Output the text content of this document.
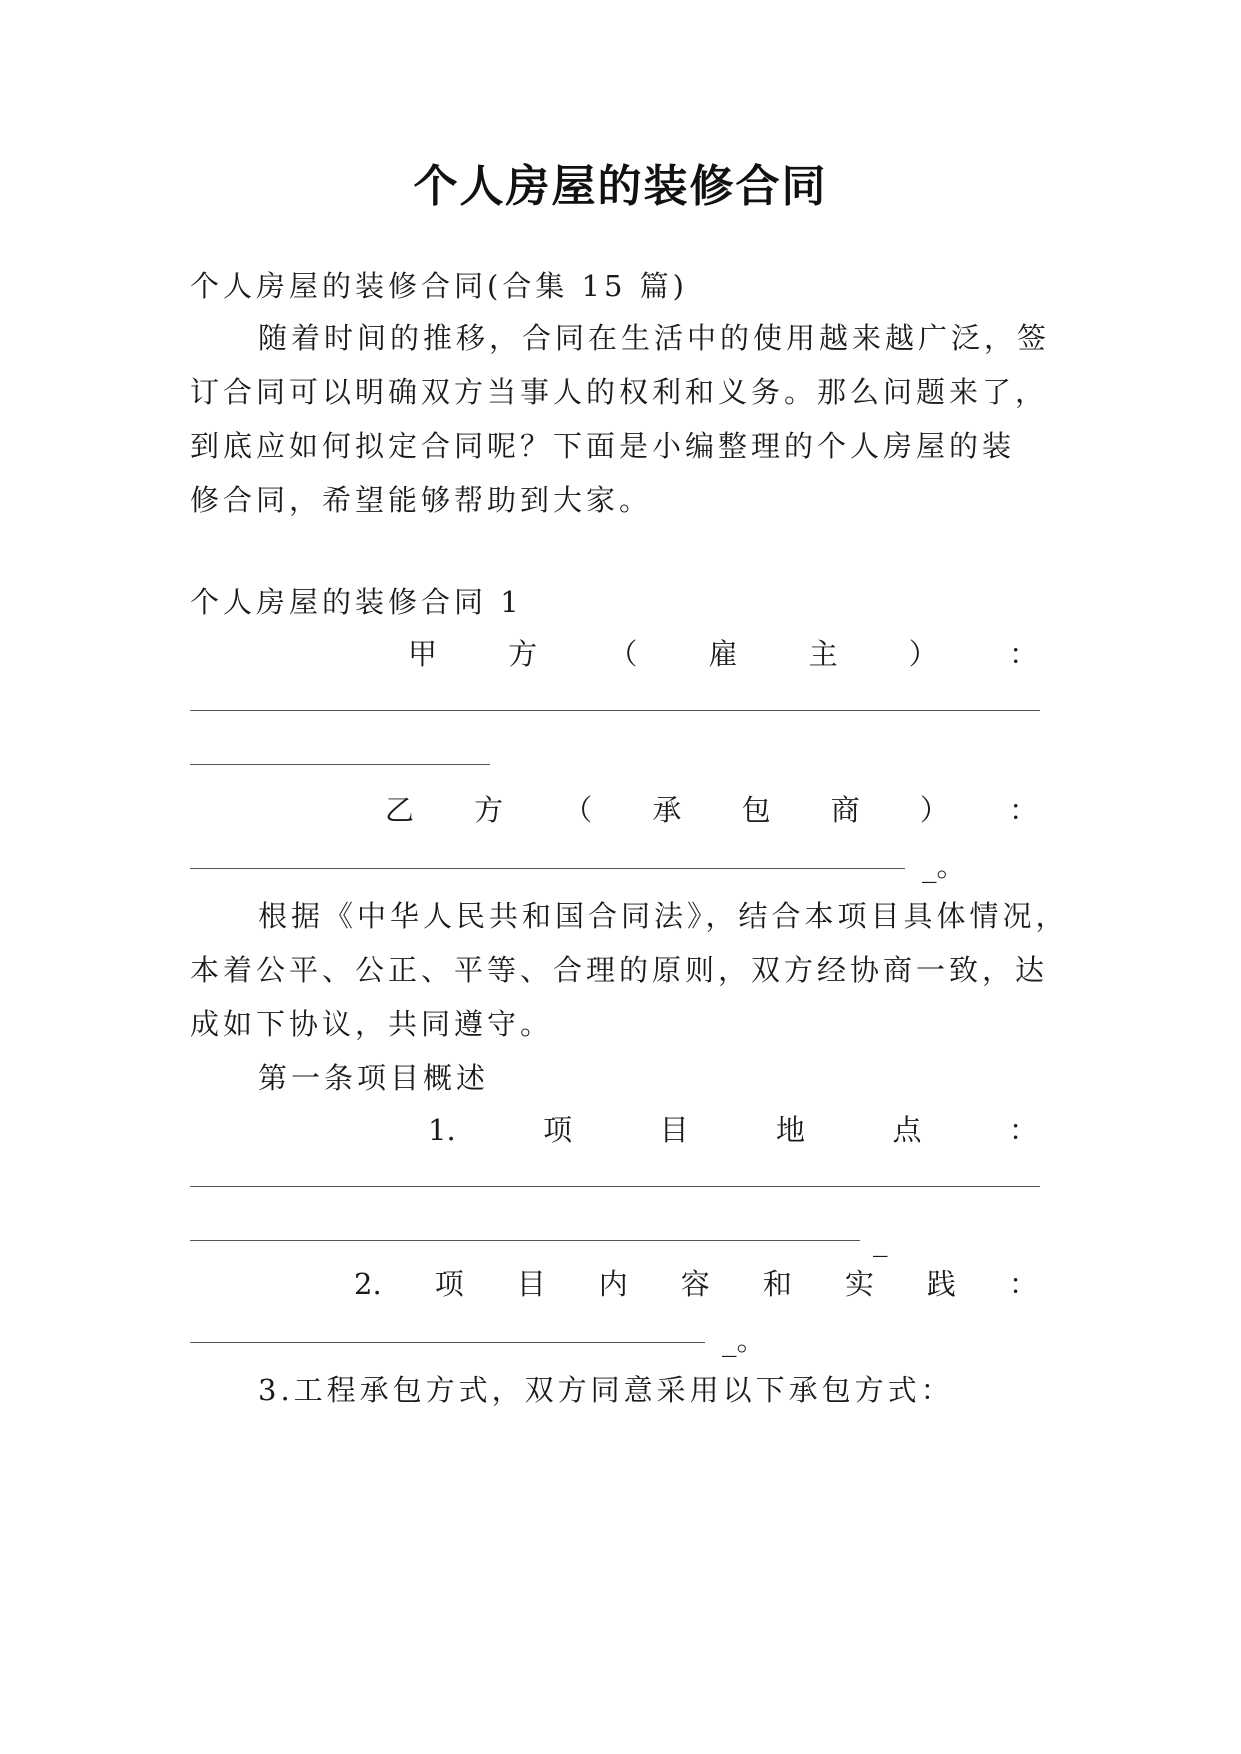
个人房屋的装修合同
个人房屋的装修合同(合集 15 篇)
随着时间的推移，合同在生活中的使用越来越广泛，签
订合同可以明确双方当事人的权利和义务。那么问题来了，
到底应如何拟定合同呢？下面是小编整理的个人房屋的装
修合同，希望能够帮助到大家。
个人房屋的装修合同 1
甲 方 （ 雇 主 ） ：
乙 方 （ 承 包 商 ） ：
_。
根据《中华人民共和国合同法》，结合本项目具体情况，
本着公平、公正、平等、合理的原则，双方经协商一致，达
成如下协议，共同遵守。
第一条项目概述
1.	项	目	地	点	：
_
2. 项 目 内 容 和 实 践 ：
_。
3.工程承包方式，双方同意采用以下承包方式：
